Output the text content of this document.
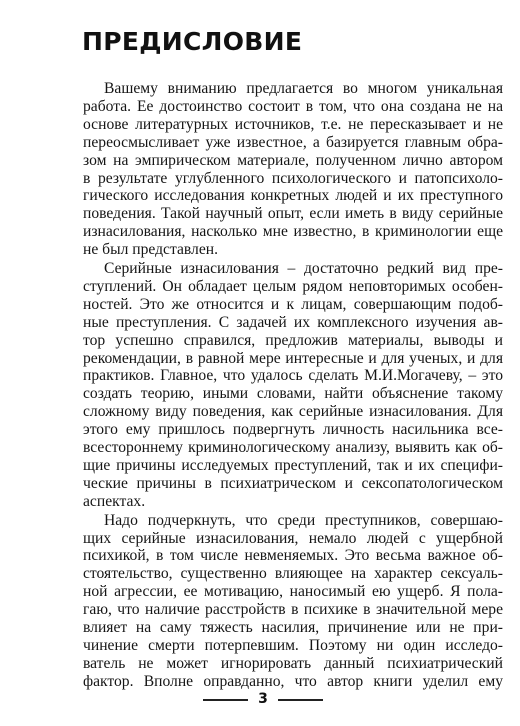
ПРЕДИСЛОВИЕ
Вашему вниманию предлагается во многом уникальная
работа. Ее достоинство состоит в том, что она создана не на
основе литературных источников, т.е. не пересказывает и не
переосмысливает уже известное, а базируется главным обра-
зом на эмпирическом материале, полученном лично автором
в результате углубленного психологического и патопсихоло-
гического исследования конкретных людей и их преступного
поведения. Такой научный опыт, если иметь в виду серийные
изнасилования, насколько мне известно, в криминологии еще
не был представлен.
Серийные изнасилования – достаточно редкий вид пре-
ступлений. Он обладает целым рядом неповторимых особен-
ностей. Это же относится и к лицам, совершающим подоб-
ные преступления. С задачей их комплексного изучения ав-
тор успешно справился, предложив материалы, выводы и
рекомендации, в равной мере интересные и для ученых, и для
практиков. Главное, что удалось сделать М.И.Могачеву, – это
создать теорию, иными словами, найти объяснение такому
сложному виду поведения, как серийные изнасилования. Для
этого ему пришлось подвергнуть личность насильника все-
всестороннему криминологическому анализу, выявить как об-
щие причины исследуемых преступлений, так и их специфи-
ческие причины в психиатрическом и сексопатологическом
аспектах.
Надо подчеркнуть, что среди преступников, совершаю-
щих серийные изнасилования, немало людей с ущербной
психикой, в том числе невменяемых. Это весьма важное об-
стоятельство, существенно влияющее на характер сексуаль-
ной агрессии, ее мотивацию, наносимый ею ущерб. Я пола-
гаю, что наличие расстройств в психике в значительной мере
влияет на саму тяжесть насилия, причинение или не при-
чинение смерти потерпевшим. Поэтому ни один исследо-
ватель не может игнорировать данный психиатрический
фактор. Вполне оправданно, что автор книги уделил ему
3
